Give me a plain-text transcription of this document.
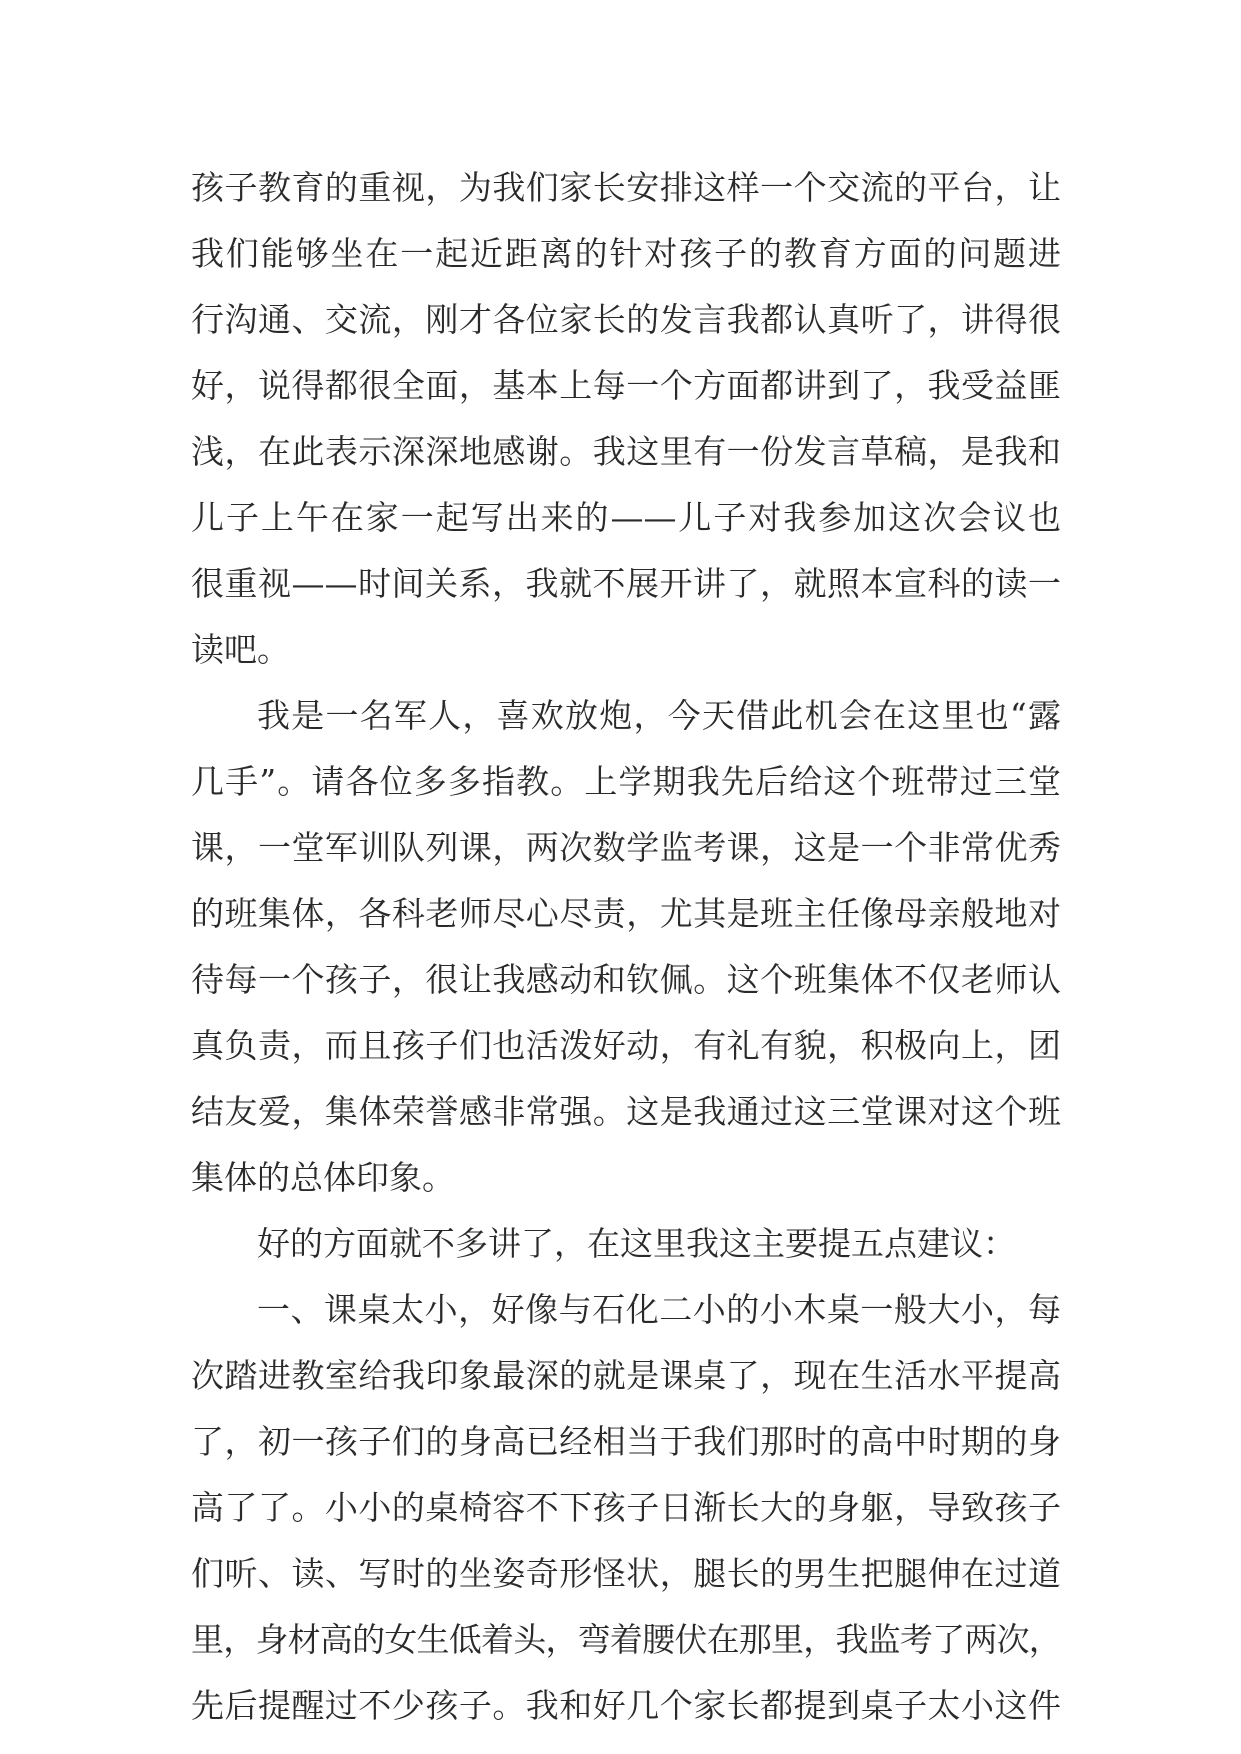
孩子教育的重视，为我们家长安排这样一个交流的平台，让
我们能够坐在一起近距离的针对孩子的教育方面的问题进
行沟通、交流，刚才各位家长的发言我都认真听了，讲得很
好，说得都很全面，基本上每一个方面都讲到了，我受益匪
浅，在此表示深深地感谢。我这里有一份发言草稿，是我和
儿子上午在家一起写出来的——儿子对我参加这次会议也
很重视——时间关系，我就不展开讲了，就照本宣科的读一
读吧。
我是一名军人，喜欢放炮，今天借此机会在这里也“露
几手”。请各位多多指教。上学期我先后给这个班带过三堂
课，一堂军训队列课，两次数学监考课，这是一个非常优秀
的班集体，各科老师尽心尽责，尤其是班主任像母亲般地对
待每一个孩子，很让我感动和钦佩。这个班集体不仅老师认
真负责，而且孩子们也活泼好动，有礼有貌，积极向上，团
结友爱，集体荣誉感非常强。这是我通过这三堂课对这个班
集体的总体印象。
好的方面就不多讲了，在这里我这主要提五点建议：
一、课桌太小，好像与石化二小的小木桌一般大小，每
次踏进教室给我印象最深的就是课桌了，现在生活水平提高
了，初一孩子们的身高已经相当于我们那时的高中时期的身
高了了。小小的桌椅容不下孩子日渐长大的身躯，导致孩子
们听、读、写时的坐姿奇形怪状，腿长的男生把腿伸在过道
里，身材高的女生低着头，弯着腰伏在那里，我监考了两次，
先后提醒过不少孩子。我和好几个家长都提到桌子太小这件
